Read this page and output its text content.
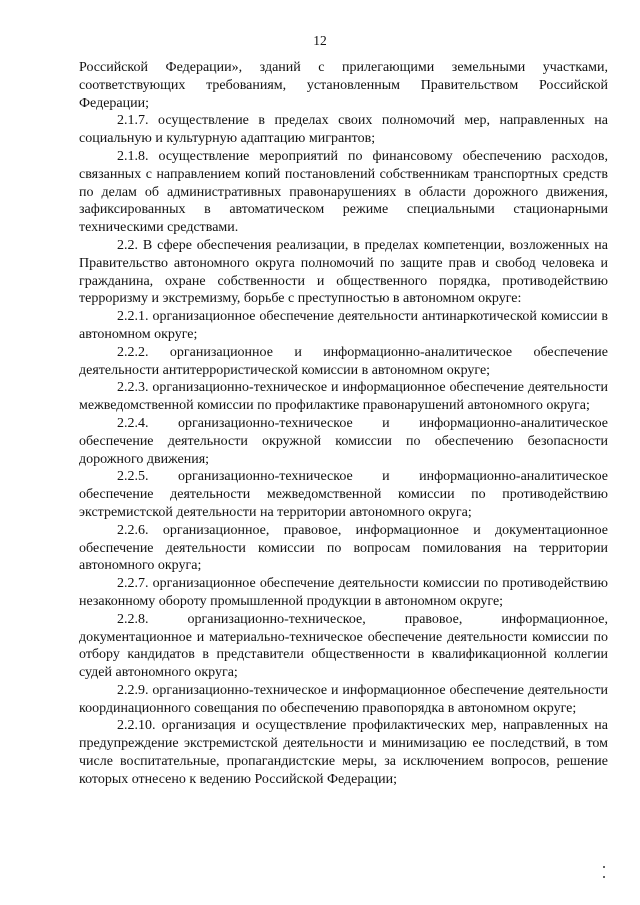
12

Российской Федерации», зданий с прилегающими земельными участками, соответствующих требованиям, установленным Правительством Российской Федерации;

2.1.7. осуществление в пределах своих полномочий мер, направленных на социальную и культурную адаптацию мигрантов;

2.1.8. осуществление мероприятий по финансовому обеспечению расходов, связанных с направлением копий постановлений собственникам транспортных средств по делам об административных правонарушениях в области дорожного движения, зафиксированных в автоматическом режиме специальными стационарными техническими средствами.

2.2. В сфере обеспечения реализации, в пределах компетенции, возложенных на Правительство автономного округа полномочий по защите прав и свобод человека и гражданина, охране собственности и общественного порядка, противодействию терроризму и экстремизму, борьбе с преступностью в автономном округе:

2.2.1. организационное обеспечение деятельности антинаркотической комиссии в автономном округе;

2.2.2. организационное и информационно-аналитическое обеспечение деятельности антитеррористической комиссии в автономном округе;

2.2.3. организационно-техническое и информационное обеспечение деятельности межведомственной комиссии по профилактике правонарушений автономного округа;

2.2.4. организационно-техническое и информационно-аналитическое обеспечение деятельности окружной комиссии по обеспечению безопасности дорожного движения;

2.2.5. организационно-техническое и информационно-аналитическое обеспечение деятельности межведомственной комиссии по противодействию экстремистской деятельности на территории автономного округа;

2.2.6. организационное, правовое, информационное и документационное обеспечение деятельности комиссии по вопросам помилования на территории автономного округа;

2.2.7. организационное обеспечение деятельности комиссии по противодействию незаконному обороту промышленной продукции в автономном округе;

2.2.8. организационно-техническое, правовое, информационное, документационное и материально-техническое обеспечение деятельности комиссии по отбору кандидатов в представители общественности в квалификационной коллегии судей автономного округа;

2.2.9. организационно-техническое и информационное обеспечение деятельности координационного совещания по обеспечению правопорядка в автономном округе;

2.2.10. организация и осуществление профилактических мер, направленных на предупреждение экстремистской деятельности и минимизацию ее последствий, в том числе воспитательные, пропагандистские меры, за исключением вопросов, решение которых отнесено к ведению Российской Федерации;
